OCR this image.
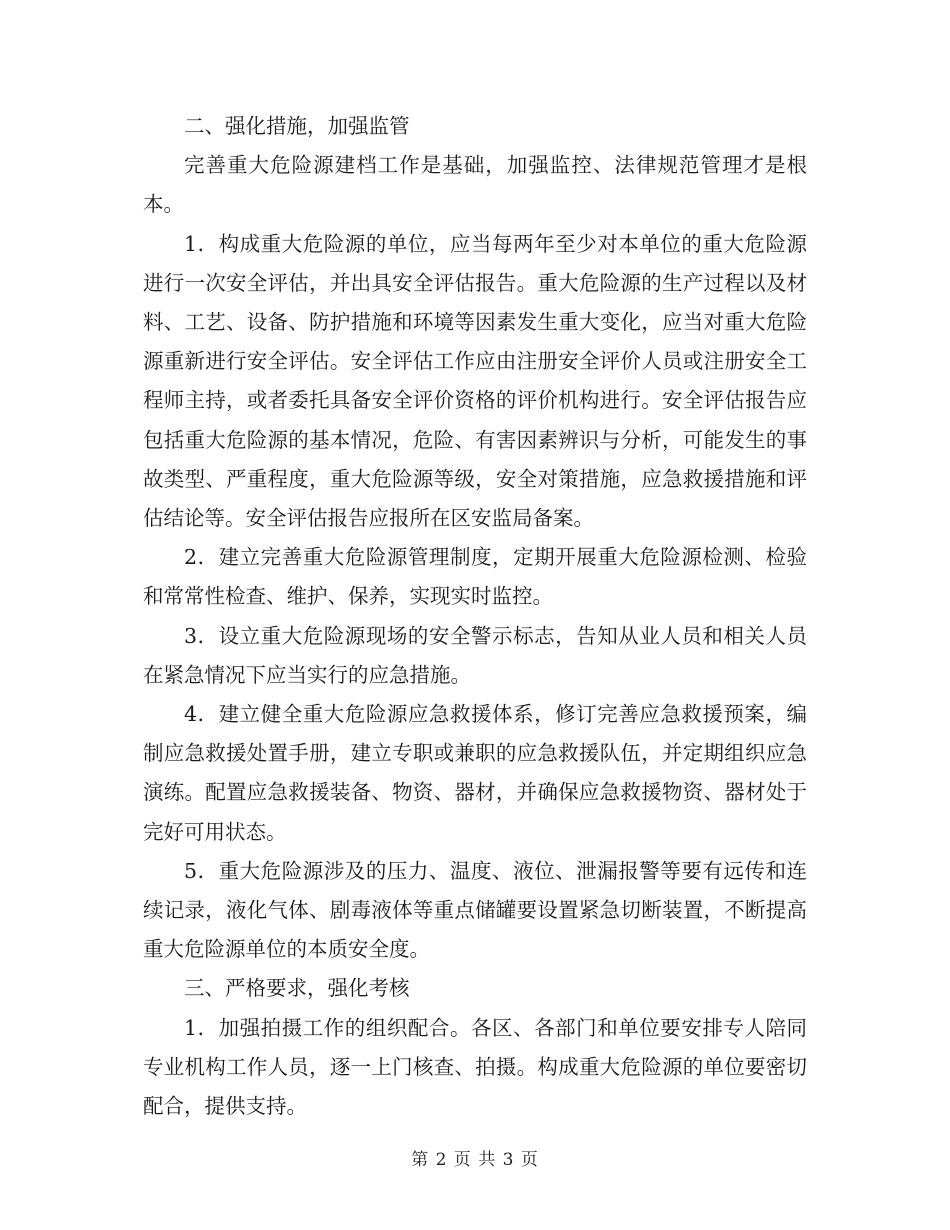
二、强化措施，加强监管

完善重大危险源建档工作是基础，加强监控、法律规范管理才是根本。

1．构成重大危险源的单位，应当每两年至少对本单位的重大危险源进行一次安全评估，并出具安全评估报告。重大危险源的生产过程以及材料、工艺、设备、防护措施和环境等因素发生重大变化，应当对重大危险源重新进行安全评估。安全评估工作应由注册安全评价人员或注册安全工程师主持，或者委托具备安全评价资格的评价机构进行。安全评估报告应包括重大危险源的基本情况，危险、有害因素辨识与分析，可能发生的事故类型、严重程度，重大危险源等级，安全对策措施，应急救援措施和评估结论等。安全评估报告应报所在区安监局备案。

2．建立完善重大危险源管理制度，定期开展重大危险源检测、检验和常常性检查、维护、保养，实现实时监控。

3．设立重大危险源现场的安全警示标志，告知从业人员和相关人员在紧急情况下应当实行的应急措施。

4．建立健全重大危险源应急救援体系，修订完善应急救援预案，编制应急救援处置手册，建立专职或兼职的应急救援队伍，并定期组织应急演练。配置应急救援装备、物资、器材，并确保应急救援物资、器材处于完好可用状态。

5．重大危险源涉及的压力、温度、液位、泄漏报警等要有远传和连续记录，液化气体、剧毒液体等重点储罐要设置紧急切断装置，不断提高重大危险源单位的本质安全度。

三、严格要求，强化考核

1．加强拍摄工作的组织配合。各区、各部门和单位要安排专人陪同专业机构工作人员，逐一上门核查、拍摄。构成重大危险源的单位要密切配合，提供支持。

第 2 页 共 3 页
